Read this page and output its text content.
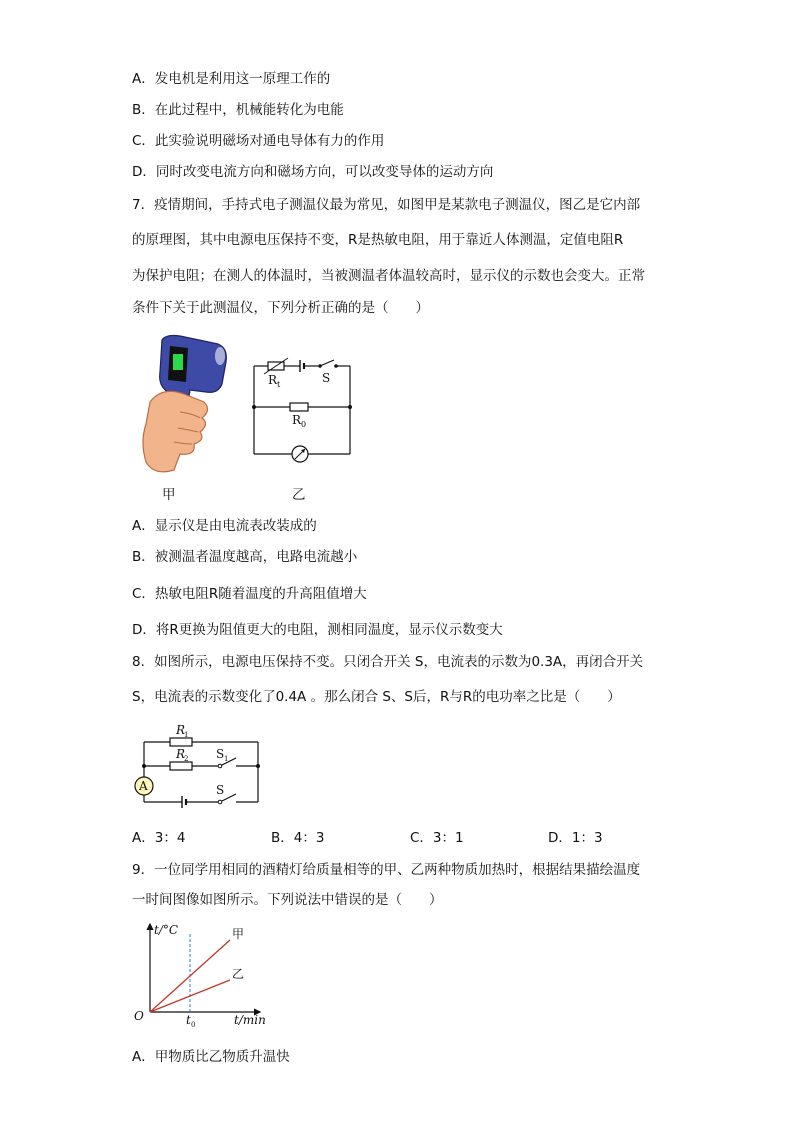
A．发电机是利用这一原理工作的
B．在此过程中，机械能转化为电能
C．此实验说明磁场对通电导体有力的作用
D．同时改变电流方向和磁场方向，可以改变导体的运动方向
7．疫情期间，手持式电子测温仪最为常见，如图甲是某款电子测温仪，图乙是它内部
的原理图，其中电源电压保持不变，R是热敏电阻，用于靠近人体测温，定值电阻R
为保护电阻；在测人的体温时，当被测温者体温较高时，显示仪的示数也会变大。正常
条件下关于此测温仪，下列分析正确的是（　　）
甲
R t	S
R 0
乙
A．显示仪是由电流表改装成的
B．被测温者温度越高，电路电流越小
C．热敏电阻R随着温度的升高阻值增大
D．将R更换为阻值更大的电阻，测相同温度，显示仪示数变大
8．如图所示，电源电压保持不变。只闭合开关 S，电流表的示数为0.3A，再闭合开关
S，电流表的示数变化了0.4A 。那么闭合 S、S后，R与R的电功率之比是（　　）
A
R
1
R
2 S 1
S
A．3：4	B．4：3	C．3：1	D．1：3
9．一位同学用相同的酒精灯给质量相等的甲、乙两种物质加热时，根据结果描绘温度
一时间图像如图所示。下列说法中错误的是（　　）
甲
乙
t/°C
O	t 0	t/min
A．甲物质比乙物质升温快
